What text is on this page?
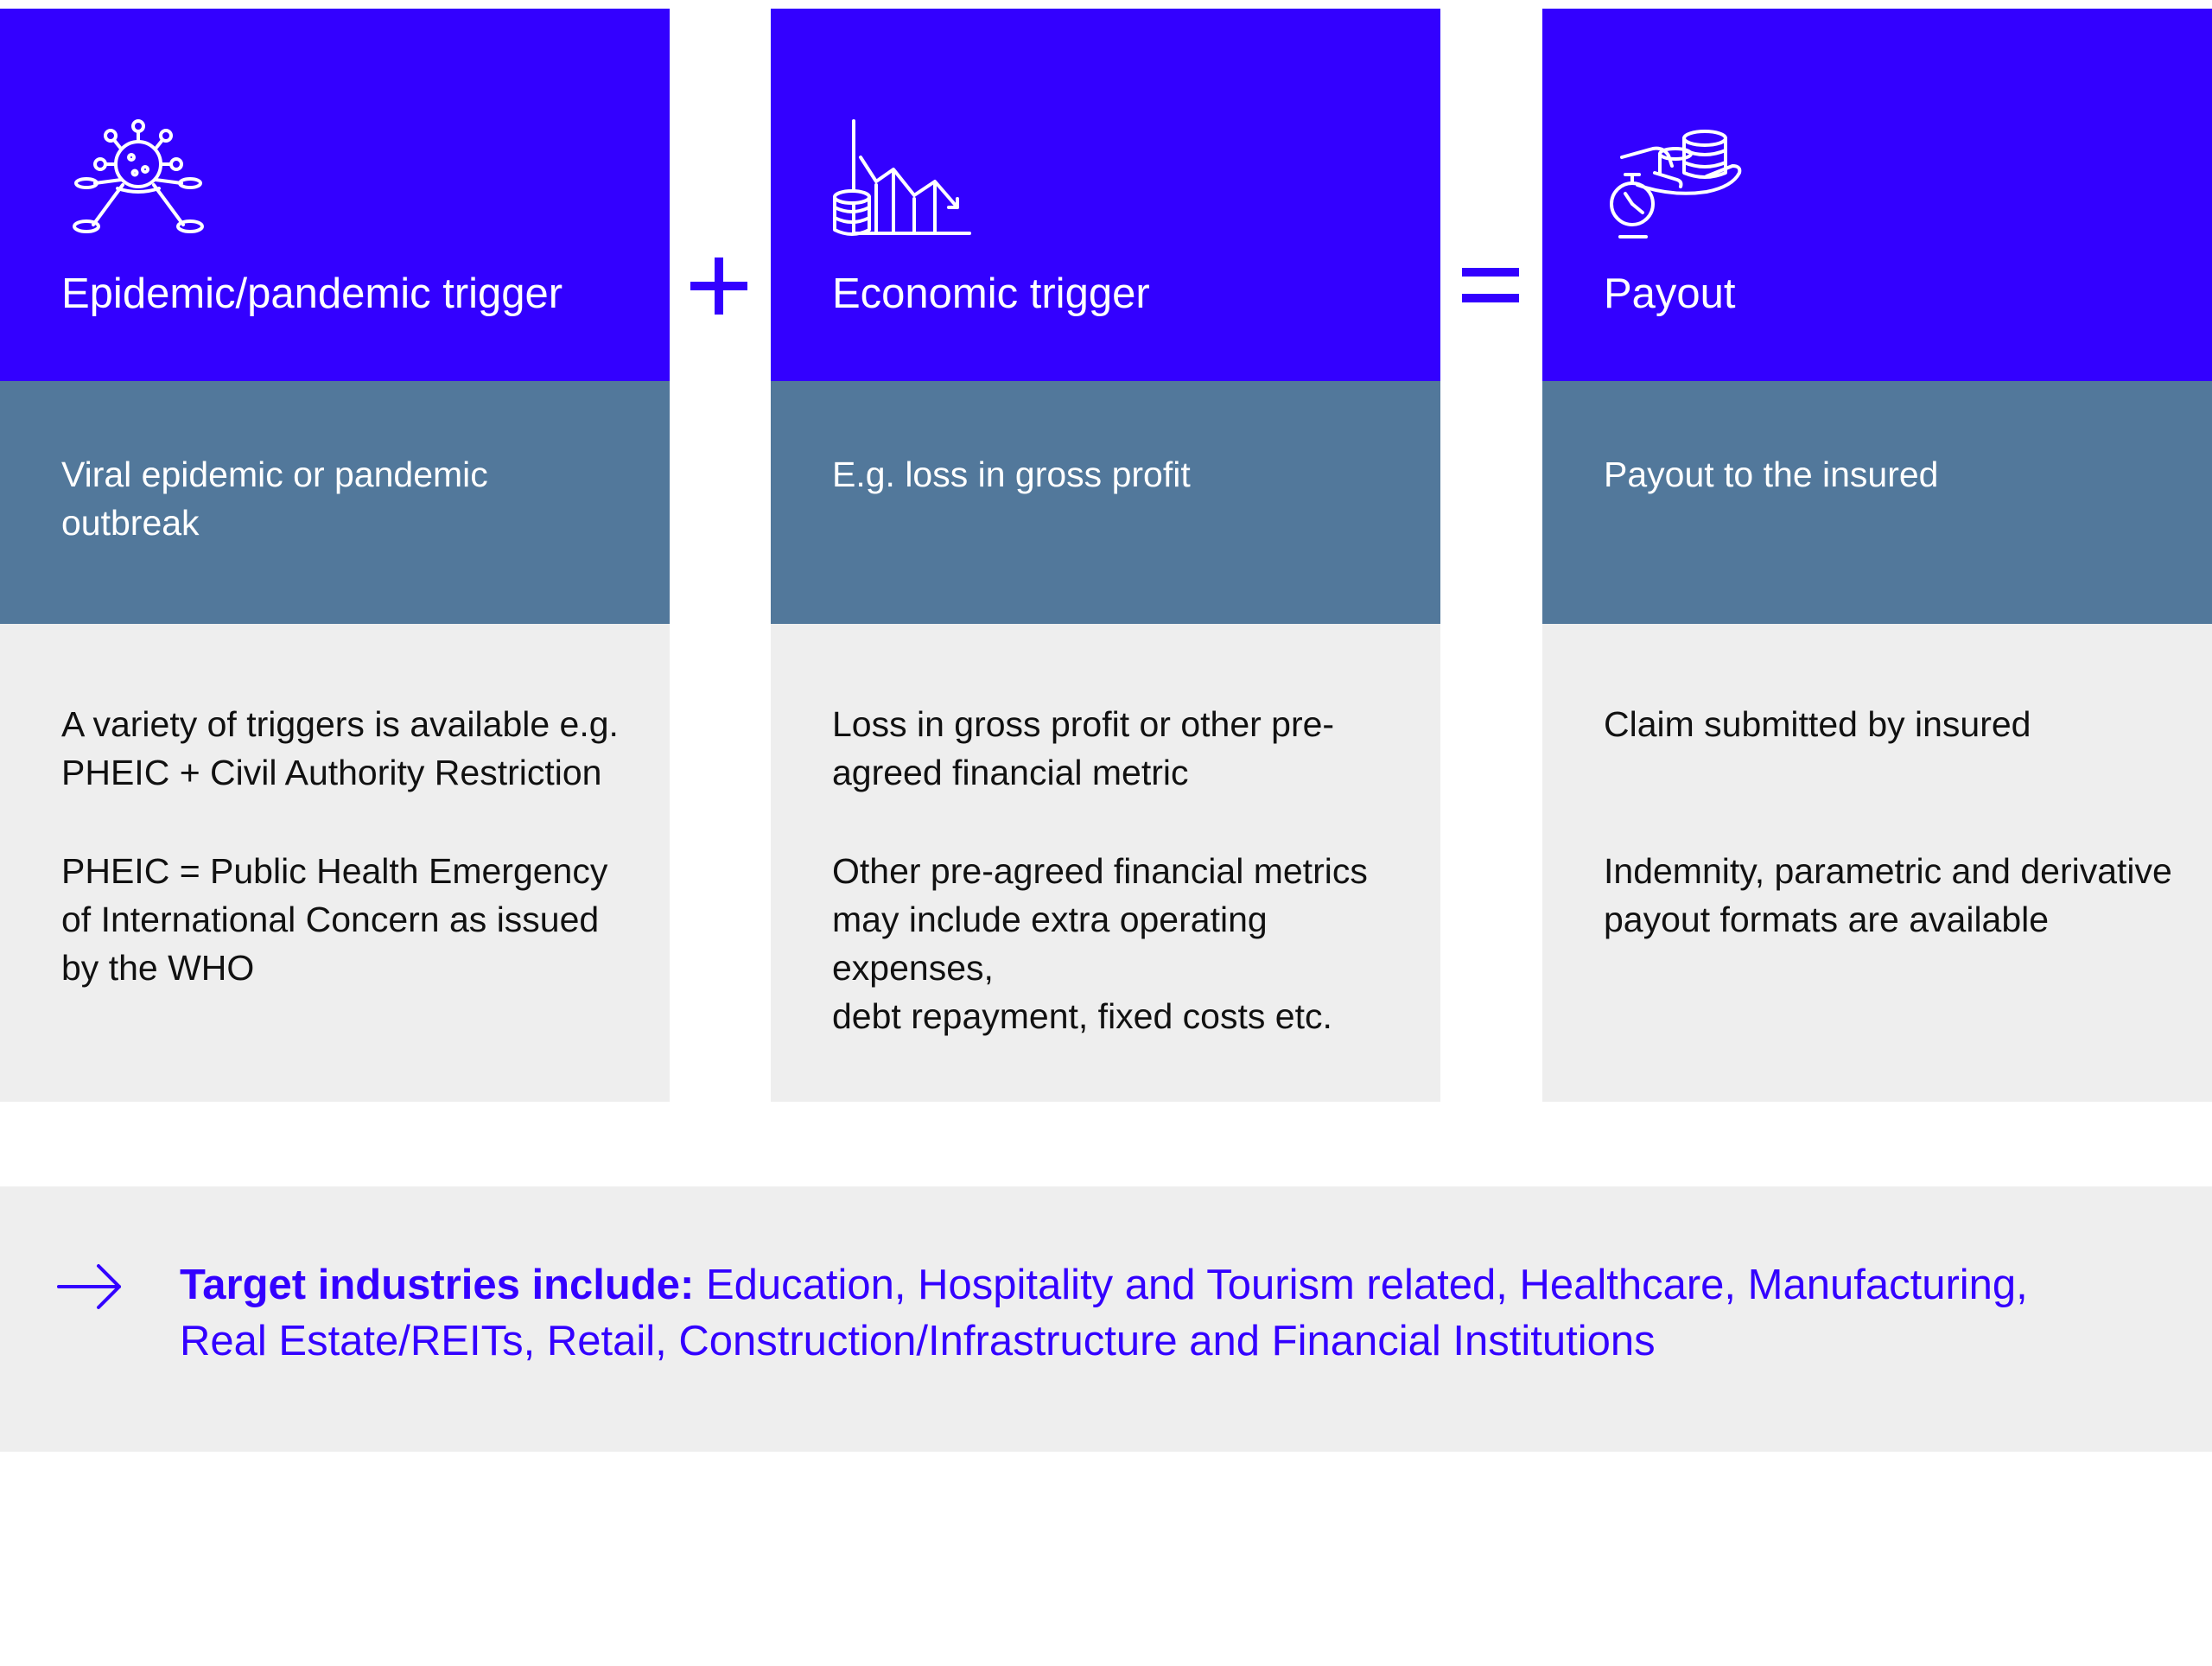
Epidemic/pandemic trigger
Viral epidemic or pandemic
outbreak
A variety of triggers is available e.g.
PHEIC + Civil Authority Restriction
PHEIC = Public Health Emergency
of International Concern as issued
by the WHO
Economic trigger
E.g. loss in gross profit
Loss in gross profit or other pre-
agreed financial metric
Other pre-agreed financial metrics
may include extra operating expenses,
debt repayment, fixed costs etc.
Payout
Payout to the insured
Claim submitted by insured
Indemnity, parametric and derivative
payout formats are available
Target industries include: Education, Hospitality and Tourism related, Healthcare, Manufacturing,
Real Estate/REITs, Retail, Construction/Infrastructure and Financial Institutions
